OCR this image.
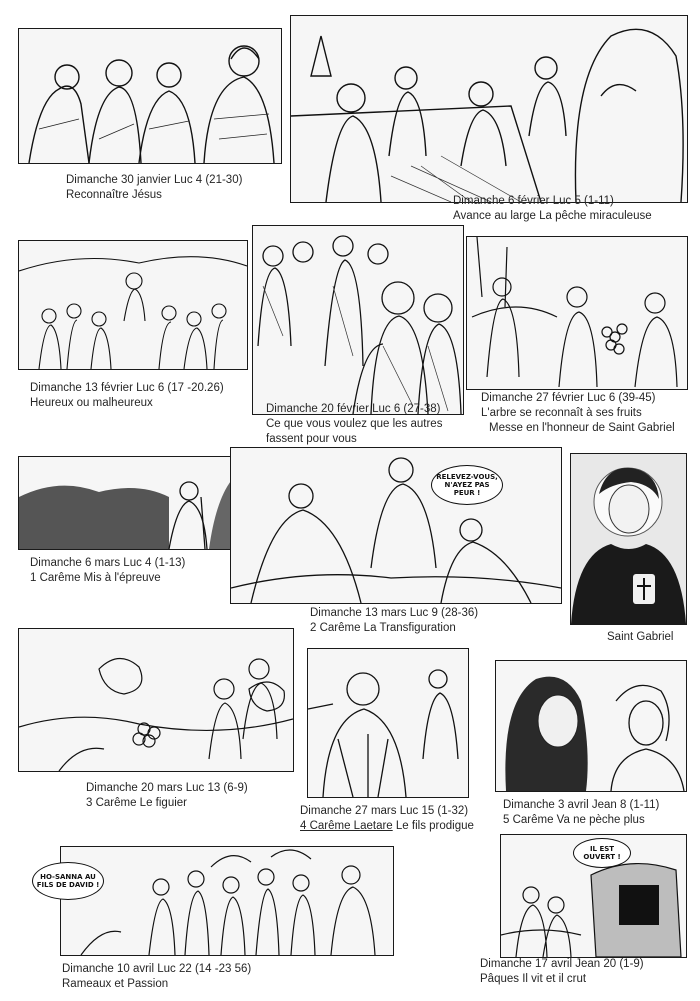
Dimanche 30 janvier Luc 4 (21-30)
Reconnaître Jésus	Dimanche 6 février Luc 5 (1-11)
Avance au large La pêche miraculeuse
Dimanche 13 février Luc 6 (17 -20.26)
Heureux ou malheureux	Dimanche 20 février Luc 6 (27-38)
Ce que vous voulez que les autres
fassent pour vous
Dimanche 27 février Luc 6 (39-45)
L'arbre se reconnaît à ses fruits
Messe en l'honneur de Saint Gabriel
Dimanche 6 mars Luc 4 (1-13)
1 Carême Mis à l'épreuve
RELEVEZ-VOUS, N'AYEZ PAS PEUR !
Dimanche 13 mars Luc 9 (28-36)
2 Carême La Transfiguration
Saint Gabriel
Dimanche 20 mars Luc 13 (6-9)
3 Carême Le figuier
Dimanche 27 mars Luc 15 (1-32)
4 Carême Laetare Le fils prodigue
Dimanche 3 avril Jean 8 (1-11)
5 Carême Va ne pèche plus
HO-SANNA AU FILS DE DAVID !
Dimanche 10 avril Luc 22 (14 -23 56)
Rameaux et Passion
IL EST OUVERT !
Dimanche 17 avril Jean 20 (1-9)
Pâques Il vit et il crut
